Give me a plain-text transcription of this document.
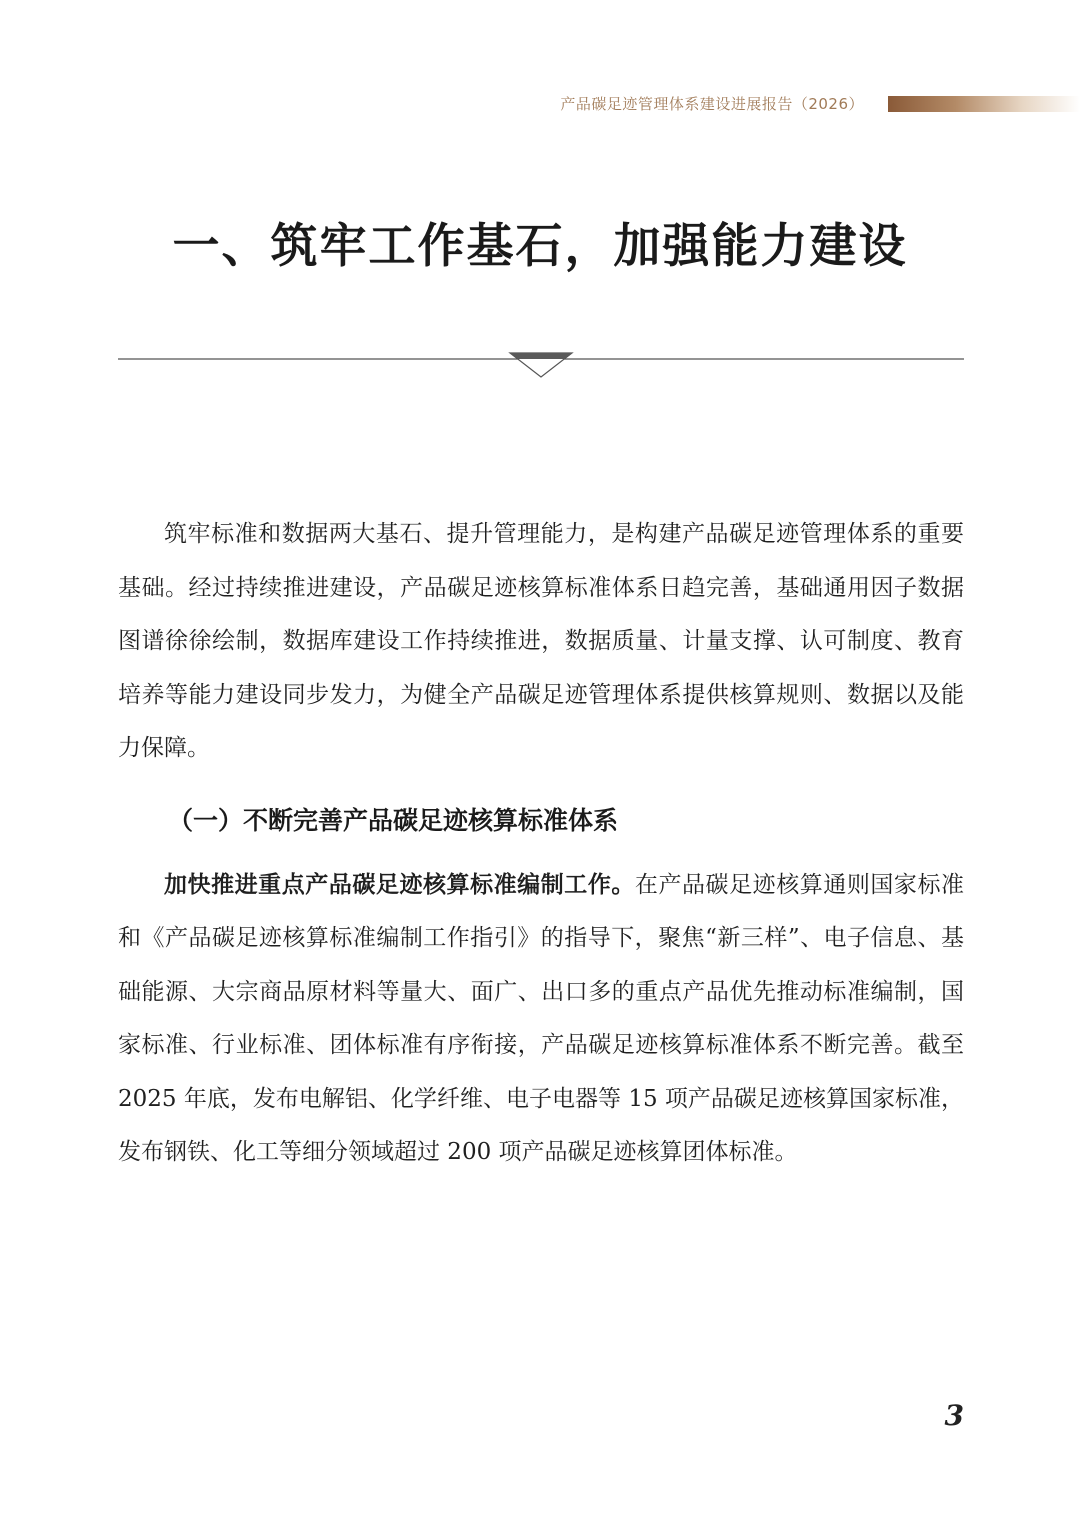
产品碳足迹管理体系建设进展报告（2026）
一、筑牢工作基石，加强能力建设

筑牢标准和数据两大基石、提升管理能力，是构建产品碳足迹管理体系的重要基础。经过持续推进建设，产品碳足迹核算标准体系日趋完善，基础通用因子数据图谱徐徐绘制，数据库建设工作持续推进，数据质量、计量支撑、认可制度、教育培养等能力建设同步发力，为健全产品碳足迹管理体系提供核算规则、数据以及能力保障。

（一）不断完善产品碳足迹核算标准体系

加快推进重点产品碳足迹核算标准编制工作。在产品碳足迹核算通则国家标准和《产品碳足迹核算标准编制工作指引》的指导下，聚焦“新三样”、电子信息、基础能源、大宗商品原材料等量大、面广、出口多的重点产品优先推动标准编制，国家标准、行业标准、团体标准有序衔接，产品碳足迹核算标准体系不断完善。截至 2025 年底，发布电解铝、化学纤维、电子电器等 15 项产品碳足迹核算国家标准，发布钢铁、化工等细分领域超过 200 项产品碳足迹核算团体标准。

3
